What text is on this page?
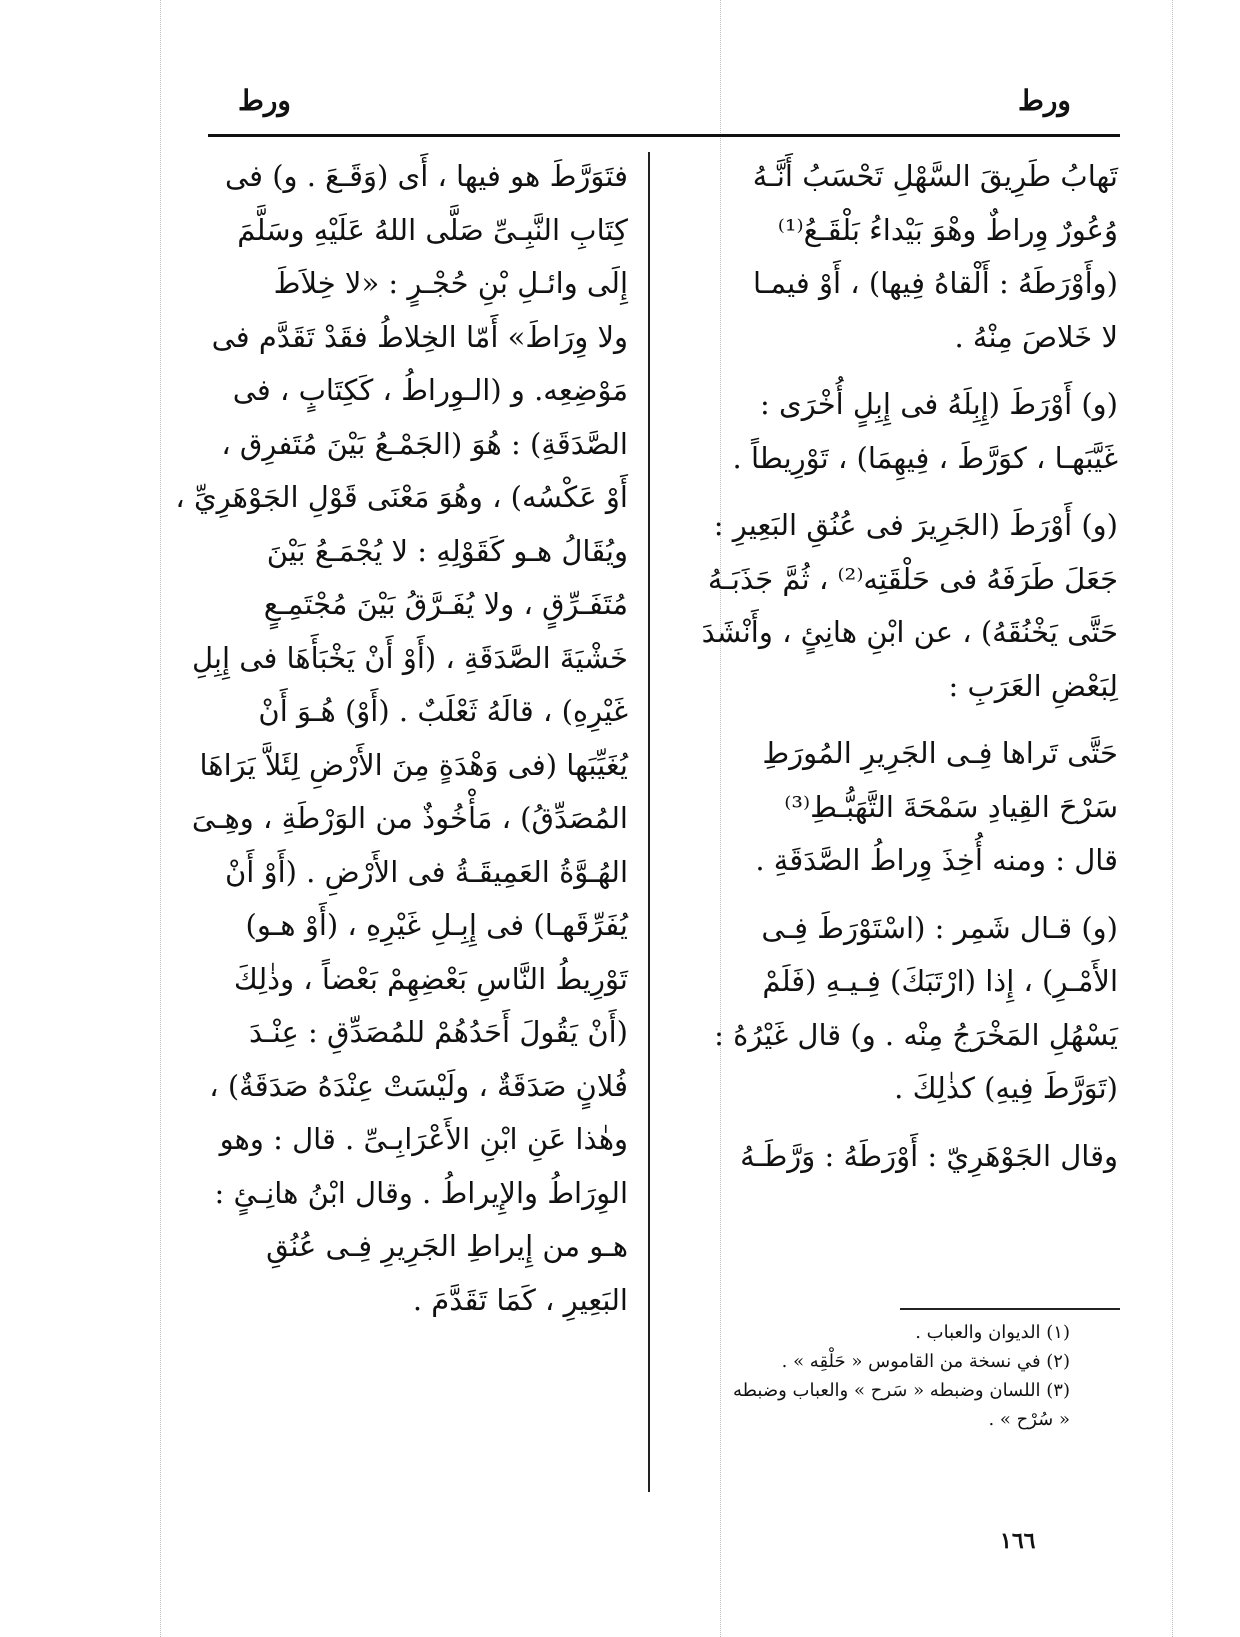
ورط
ورط
تَهابُ طَرِيقَ السَّهْلِ تَحْسَبُ أَنَّـهُ
وُعُورٌ وِراطٌ وهْوَ بَيْداءُ بَلْقَـعُ⁽¹⁾
(وأَوْرَطَهُ : أَلْقاهُ فِيها) ، أَوْ فيمـا
لا خَلاصَ مِنْهُ .
(و) أَوْرَطَ (إِبِلَهُ فى إِبِلٍ أُخْرَى :
غَيَّبَهـا ، كوَرَّطَ ، فِيهِمَا) ، تَوْرِيطاً .
(و) أَوْرَطَ (الجَرِيرَ فى عُنُقِ البَعِيرِ :
جَعَلَ طَرَفَهُ فى حَلْقَتِه⁽²⁾ ، ثُمَّ جَذَبَـهُ
حَتَّى يَخْنُقَهُ) ، عن ابْنِ هانِئٍ ، وأَنْشَدَ
لِبَعْضِ العَرَبِ :
حَتَّى تَراها فِـى الجَرِيرِ المُورَطِ
سَرْحَ القِيادِ سَمْحَةَ التَّهَبُّـطِ⁽³⁾
قال : ومنه أُخِذَ وِراطُ الصَّدَقَةِ .
(و) قـال شَمِر : (اسْتَوْرَطَ فِـى
الأَمْـرِ) ، إِذا (ارْتَبَكَ) فِـيـهِ (فَلَمْ
يَسْهُلِ المَخْرَجُ مِنْه . و) قال غَيْرُهُ :
(تَوَرَّطَ فِيهِ) كذٰلِكَ .
وقال الجَوْهَرِيّ : أَوْرَطَهُ : وَرَّطَـهُ
فتَوَرَّطَ هو فيها ، أَى (وَقَـعَ . و) فى
كِتَابِ النَّبِـىِّ صَلَّى اللهُ عَلَيْهِ وسَلَّمَ
إِلَى وائـلِ بْنِ حُجْـرٍ : «لا خِلاَطَ
ولا وِرَاطَ» أَمّا الخِلاطُ فقَدْ تَقَدَّم فى
مَوْضِعِه. و (الـوِراطُ ، كَكِتَابٍ ، فى
الصَّدَقَةِ) : هُوَ (الجَمْـعُ بَيْنَ مُتَفرِق ،
أَوْ عَكْسُه) ، وهُوَ مَعْنَى قَوْلِ الجَوْهَرِيِّ ،
ويُقَالُ هـو كَقَوْلِهِ : لا يُجْمَـعُ بَيْنَ
مُتَفَـرِّقٍ ، ولا يُفَـرَّقُ بَيْنَ مُجْتَمِـعٍ
خَشْيَةَ الصَّدَقَةِ ، (أَوْ أَنْ يَخْبَأَهَا فى إِبِلِ
غَيْرِهِ) ، قالَهُ ثَعْلَبٌ . (أَوْ) هُـوَ أَنْ
يُغَيِّبَها (فى وَهْدَةٍ مِنَ الأَرْضِ لِئَلاَّ يَرَاهَا
المُصَدِّقُ) ، مَأْخُوذٌ من الوَرْطَةِ ، وهِـىَ
الهُـوَّةُ العَمِيقَـةُ فى الأَرْضِ . (أَوْ أَنْ
يُفَرِّقَهـا) فى إِبِـلِ غَيْرِهِ ، (أَوْ هـو)
تَوْرِيطُ النَّاسِ بَعْضِهِمْ بَعْضاً ، وذٰلِكَ
(أَنْ يَقُولَ أَحَدُهُمْ للمُصَدِّقِ : عِنْـدَ
فُلانٍ صَدَقَةٌ ، ولَيْسَتْ عِنْدَهُ صَدَقَةٌ) ،
وهٰذا عَنِ ابْنِ الأَعْرَابِـىِّ . قال : وهو
الوِرَاطُ والإِيراطُ . وقال ابْنُ هانِـئٍ :
هـو من إِيراطِ الجَرِيرِ فِـى عُنُقِ
البَعِيرِ ، كَمَا تَقَدَّمَ .
(١) الديوان والعباب .
(٢) في نسخة من القاموس « حَلْقِه » .
(٣) اللسان وضبطه « سَرح » والعباب وضبطه
« سُرْح » .
١٦٦
